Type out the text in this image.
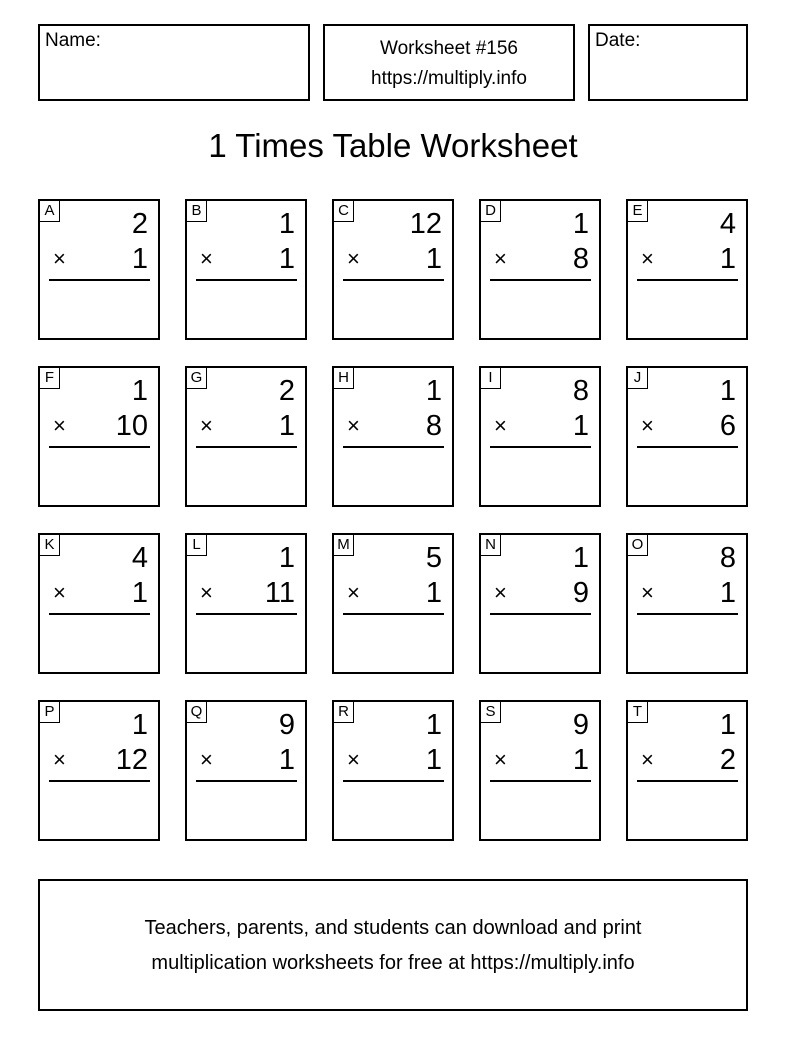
Name:	Worksheet #156
https://multiply.info
Date:
1 Times Table Worksheet
A	2
× 1
B	1
× 1
C 12
× 1
D	1
× 8
E	4
× 1
F	1
× 10
G	2
× 1
H	1
× 8
I	8
× 1
J	1
× 6
K	4
× 1
L	1
× 11
M	5
× 1
N	1
× 9
O	8
× 1
P	1
× 12
Q	9
× 1
R	1
× 1
S	9
× 1
T	1
× 2
Teachers, parents, and students can download and print
multiplication worksheets for free at https://multiply.info
